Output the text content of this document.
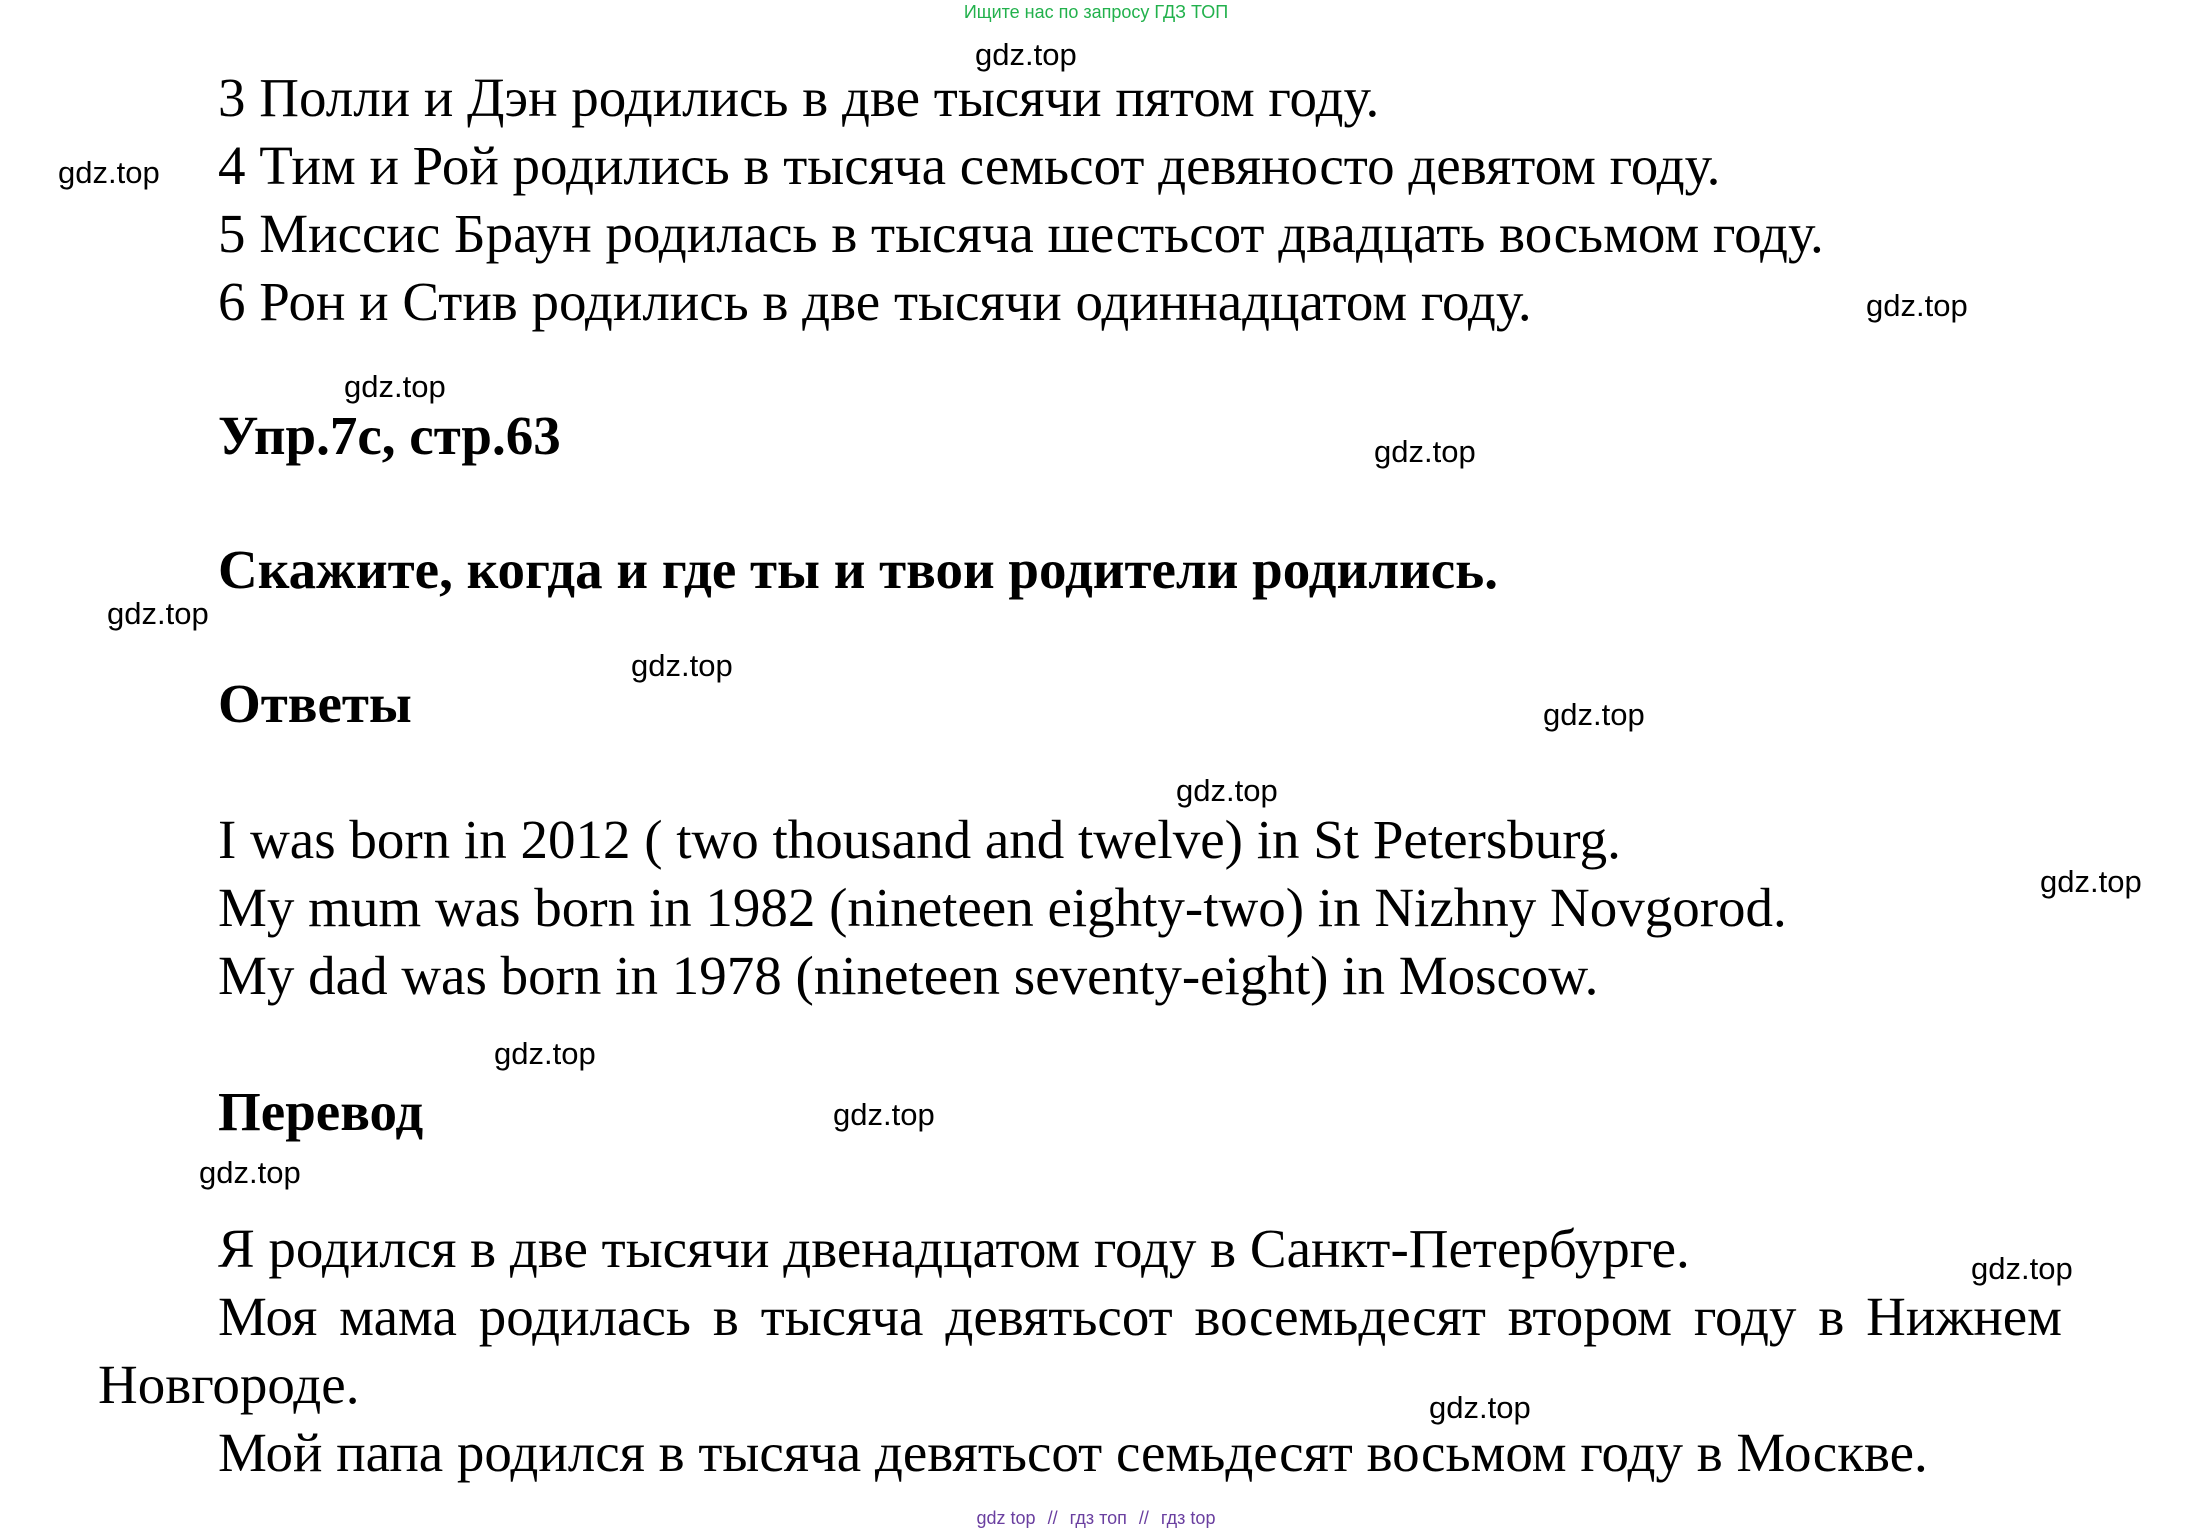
Ищите нас по запросу ГДЗ ТОП
3 Полли и Дэн родились в две тысячи пятом году.
4 Тим и Рой родились в тысяча семьсот девяносто девятом году.
5 Миссис Браун родилась в тысяча шестьсот двадцать восьмом году.
6 Рон и Стив родились в две тысячи одиннадцатом году.
Упр.7c, стр.63
Скажите, когда и где ты и твои родители родились.
Ответы
I was born in 2012 ( two thousand and twelve) in St Petersburg.
My mum was born in 1982 (nineteen eighty-two) in Nizhny Novgorod.
My dad was born in 1978 (nineteen seventy-eight) in Moscow.
Перевод
Я родился в две тысячи двенадцатом году в Санкт-Петербурге.
Моя мама родилась в тысяча девятьсот восемьдесят втором году в Нижнем Новгороде.
Мой папа родился в тысяча девятьсот семьдесят восьмом году в Москве.
gdz.top
gdz.top
gdz.top
gdz.top
gdz.top
gdz.top
gdz.top
gdz.top
gdz.top
gdz.top
gdz.top
gdz.top
gdz.top
gdz.top
gdz.top
gdz top // гдз топ // гдз top
